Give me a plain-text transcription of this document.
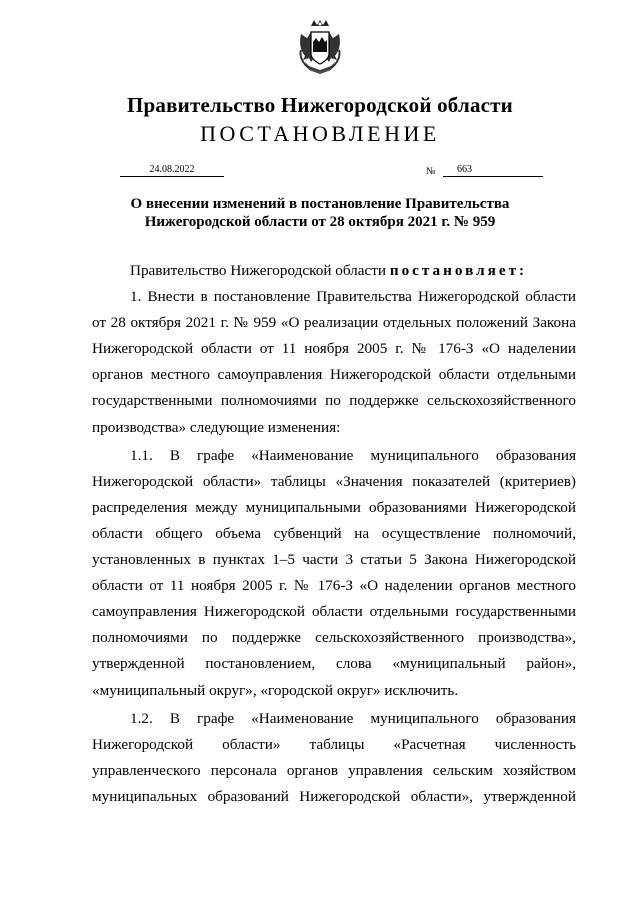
Правительство Нижегородской области
ПОСТАНОВЛЕНИЕ
24.08.2022	№	663
О внесении изменений в постановление Правительства
Нижегородской области от 28 октября 2021 г. № 959
Правительство Нижегородской области постановляет:
1. Внести в постановление Правительства Нижегородской области
от 28 октября 2021 г. № 959 «О реализации отдельных положений Закона
Нижегородской области от 11 ноября 2005 г. № 176-З «О наделении
органов местного самоуправления Нижегородской области отдельными
государственными полномочиями по поддержке сельскохозяйственного
производства» следующие изменения:
1.1. В графе «Наименование муниципального образования
Нижегородской области» таблицы «Значения показателей (критериев)
распределения между муниципальными образованиями Нижегородской
области общего объема субвенций на осуществление полномочий,
установленных в пунктах 1–5 части 3 статьи 5 Закона Нижегородской
области от 11 ноября 2005 г. № 176-З «О наделении органов местного
самоуправления Нижегородской области отдельными государственными
полномочиями по поддержке сельскохозяйственного производства»,
утвержденной постановлением, слова «муниципальный район»,
«муниципальный округ», «городской округ» исключить.
1.2. В графе «Наименование муниципального образования
Нижегородской области» таблицы «Расчетная численность
управленческого персонала органов управления сельским хозяйством
муниципальных образований Нижегородской области», утвержденной
